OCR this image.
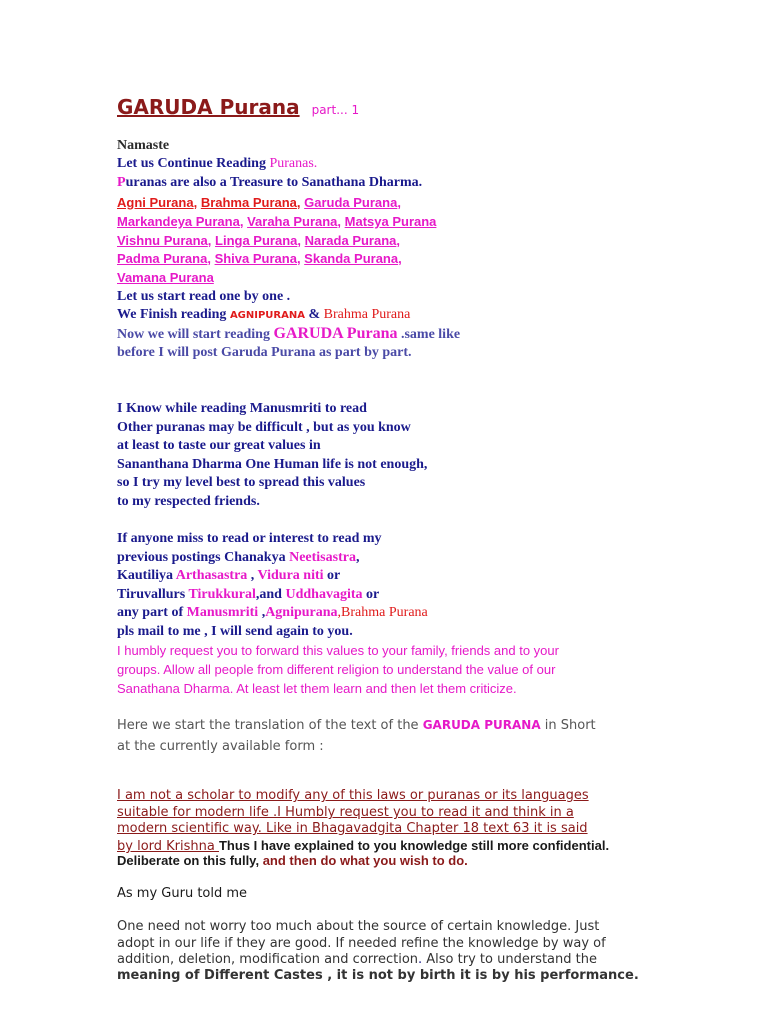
GARUDA Purana part... 1
Namaste
Let us Continue Reading Puranas.
Puranas are also a Treasure to Sanathana Dharma.
Agni Purana, Brahma Purana, Garuda Purana,
Markandeya Purana, Varaha Purana, Matsya Purana
Vishnu Purana, Linga Purana, Narada Purana,
Padma Purana, Shiva Purana, Skanda Purana,
Vamana Purana
Let us start read one by one .
We Finish reading AGNIPURANA & Brahma Purana
Now we will start reading GARUDA Purana .same like
before I will post Garuda Purana as part by part.
I Know while reading Manusmriti to read
Other puranas may be difficult , but as you know
at least to taste our great values in
Sananthana Dharma One Human life is not enough,
so I try my level best to spread this values
to my respected friends.
If anyone miss to read or interest to read my
previous postings Chanakya Neetisastra,
Kautiliya Arthasastra , Vidura niti or
Tiruvallurs Tirukkural,and Uddhavagita or
any part of Manusmriti ,Agnipurana,Brahma Purana
pls mail to me , I will send again to you.
I humbly request you to forward this values to your family, friends and to your
groups. Allow all people from different religion to understand the value of our
Sanathana Dharma. At least let them learn and then let them criticize.
Here we start the translation of the text of the GARUDA PURANA in Short
at the currently available form :
I am not a scholar to modify any of this laws or puranas or its languages
suitable for modern life .I Humbly request you to read it and think in a
modern scientific way. Like in Bhagavadgita Chapter 18 text 63 it is said
by lord Krishna Thus I have explained to you knowledge still more confidential.
Deliberate on this fully, and then do what you wish to do.
As my Guru told me
One need not worry too much about the source of certain knowledge. Just
adopt in our life if they are good. If needed refine the knowledge by way of
addition, deletion, modification and correction. Also try to understand the
meaning of Different Castes , it is not by birth it is by his performance.
